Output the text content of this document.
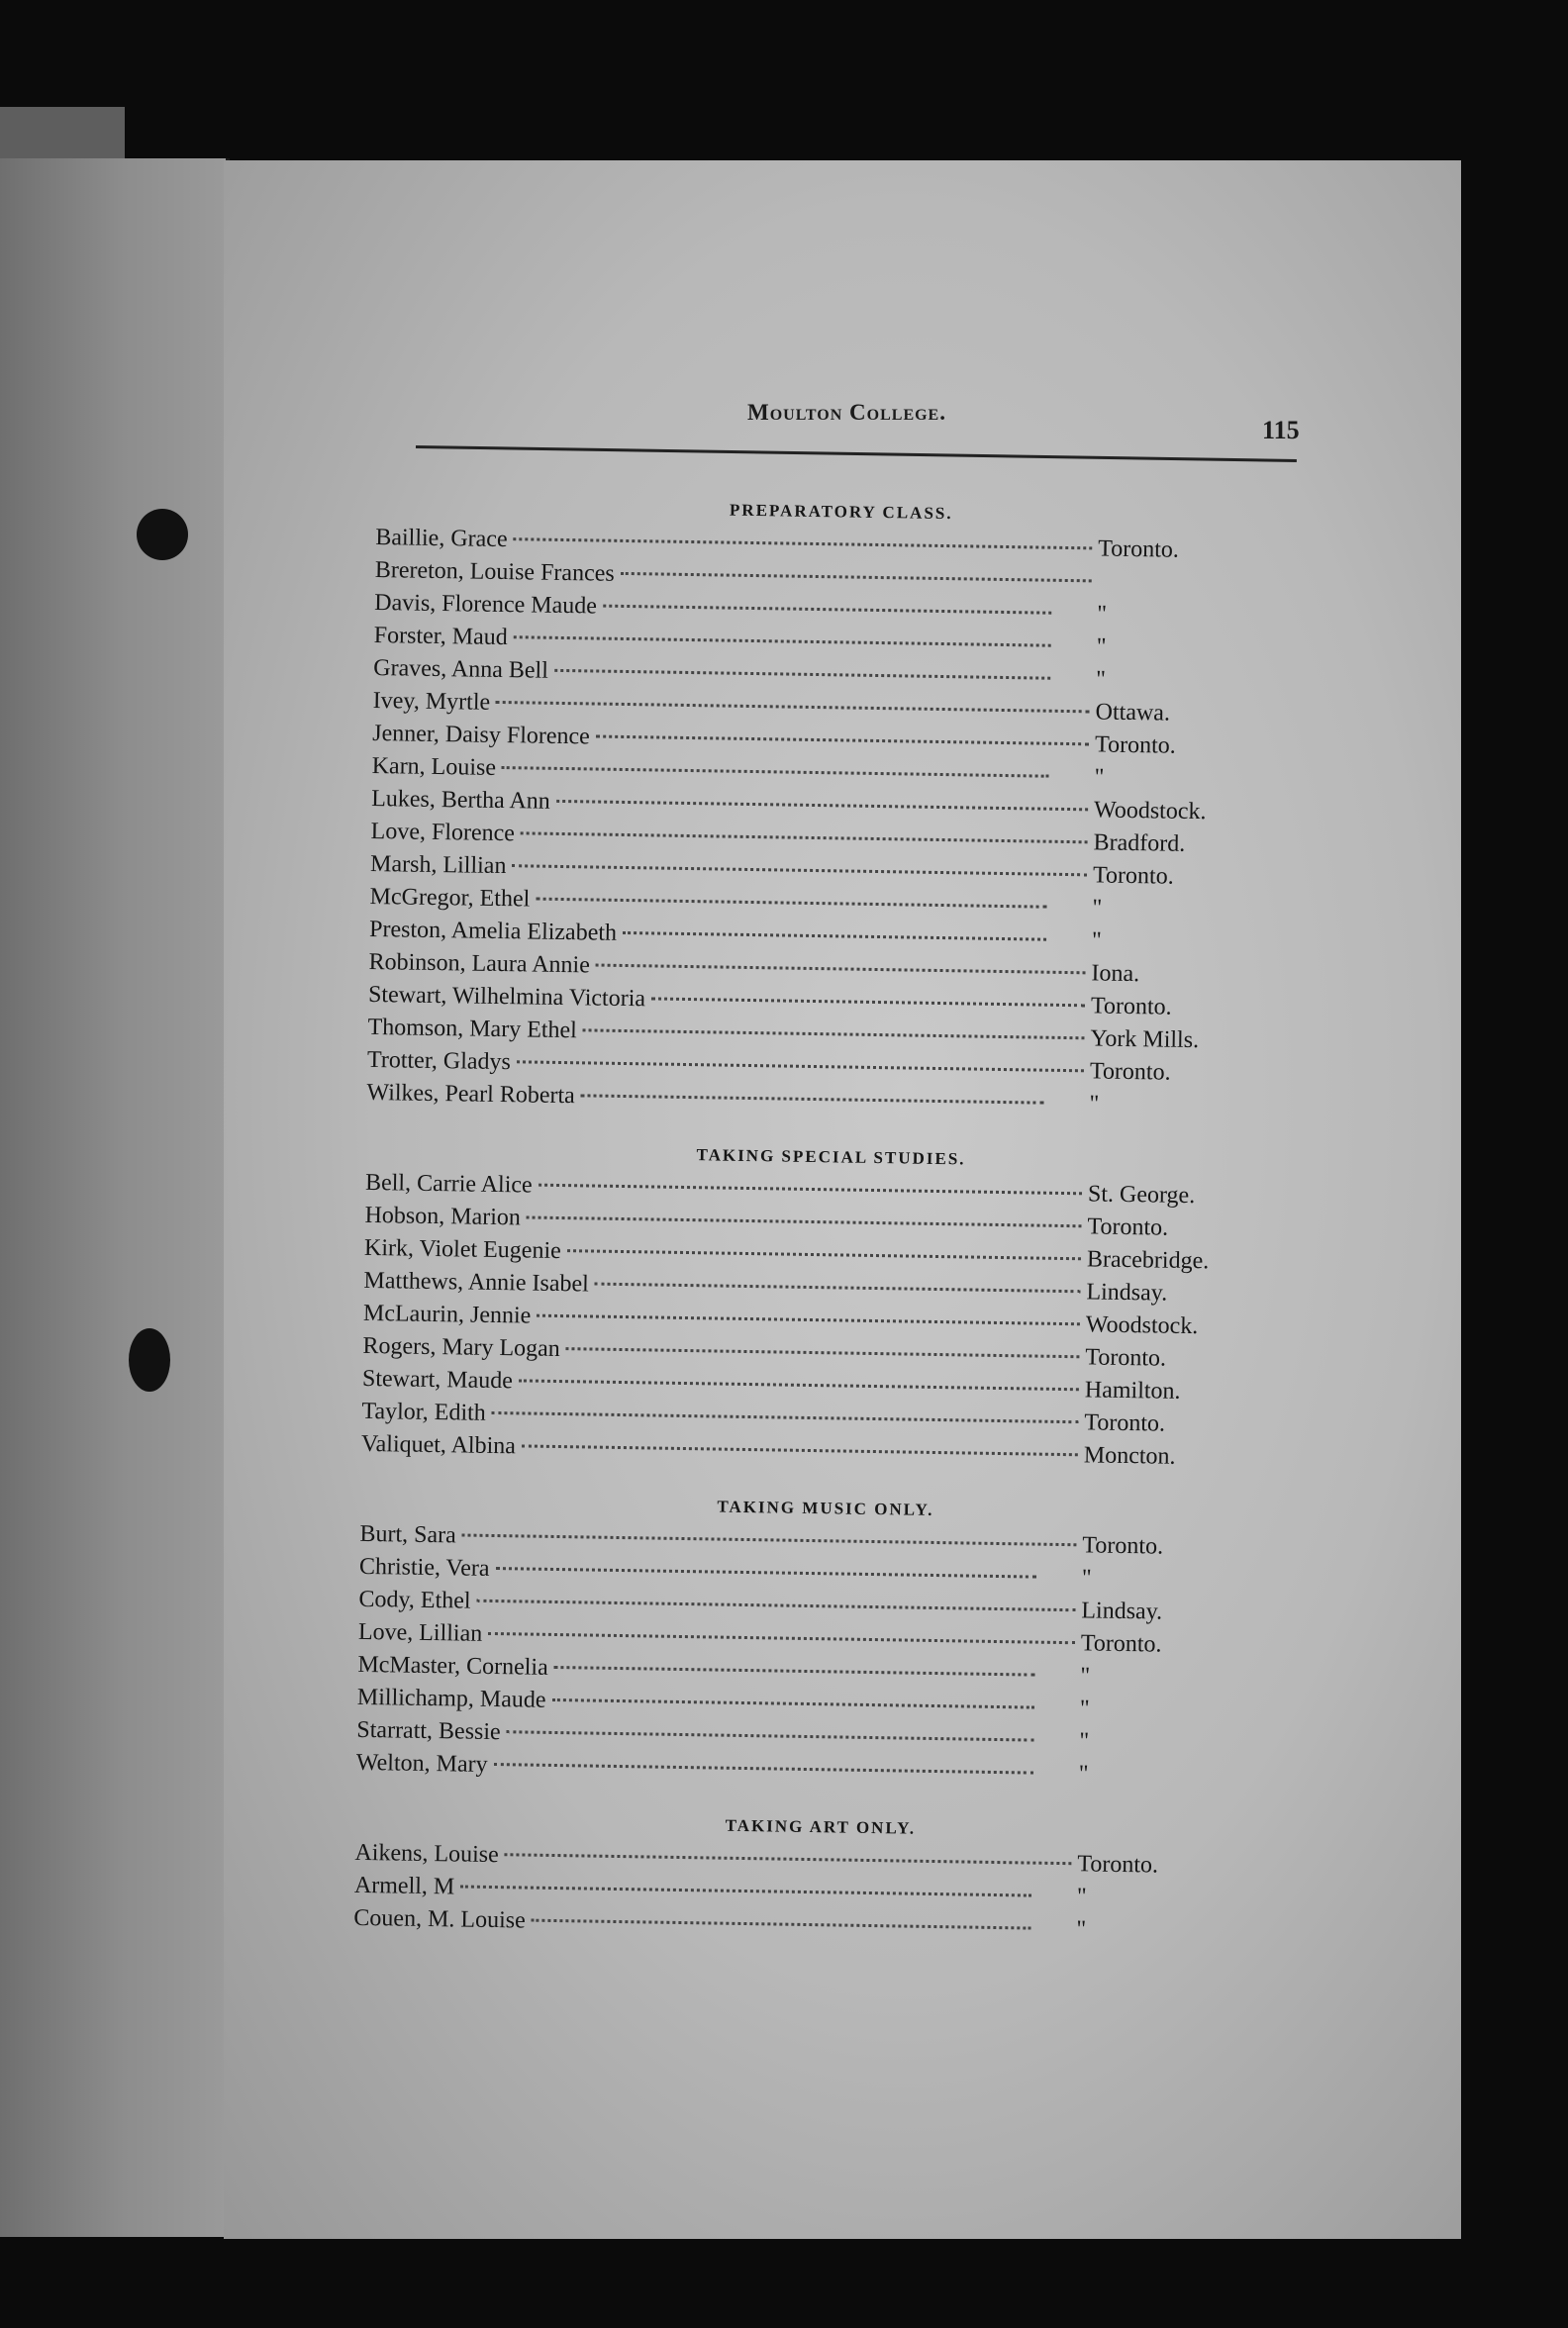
Moulton College.
115
PREPARATORY CLASS.
Baillie, Grace	Toronto.
Brereton, Louise Frances
Davis, Florence Maude	"
Forster, Maud	"
Graves, Anna Bell	"
Ivey, Myrtle	Ottawa.
Jenner, Daisy Florence	Toronto.
Karn, Louise	"
Lukes, Bertha Ann	Woodstock.
Love, Florence	Bradford.
Marsh, Lillian	Toronto.
McGregor, Ethel	"
Preston, Amelia Elizabeth	"
Robinson, Laura Annie	Iona.
Stewart, Wilhelmina Victoria	Toronto.
Thomson, Mary Ethel	York Mills.
Trotter, Gladys	Toronto.
Wilkes, Pearl Roberta	"
TAKING SPECIAL STUDIES.
Bell, Carrie Alice	St. George.
Hobson, Marion	Toronto.
Kirk, Violet Eugenie	Bracebridge.
Matthews, Annie Isabel	Lindsay.
McLaurin, Jennie	Woodstock.
Rogers, Mary Logan	Toronto.
Stewart, Maude	Hamilton.
Taylor, Edith	Toronto.
Valiquet, Albina	Moncton.
TAKING MUSIC ONLY.
Burt, Sara	Toronto.
Christie, Vera	"
Cody, Ethel	Lindsay.
Love, Lillian	Toronto.
McMaster, Cornelia	"
Millichamp, Maude	"
Starratt, Bessie	"
Welton, Mary	"
TAKING ART ONLY.
Aikens, Louise	Toronto.
Armell, M	"
Couen, M. Louise	"
